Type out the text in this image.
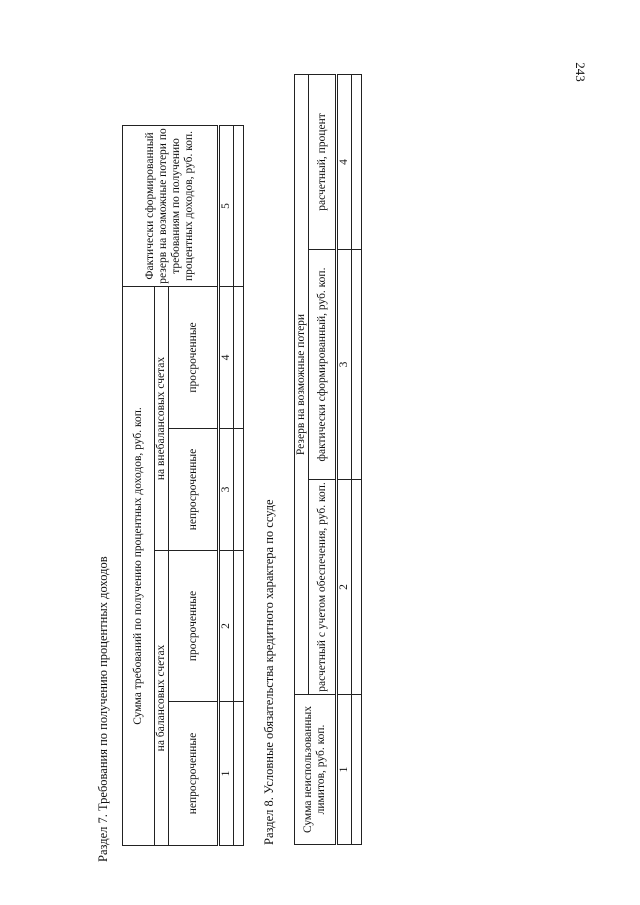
243
Раздел 7. Требования по получению процентных доходов Сумма требований по получению процентных доходов, руб. коп.				Фактически сформированный резерв на возможные потери по требованиям по получению процентных доходов, руб. коп.
на балансовых счетах		на внебалансовых счетах		
непросроченные	просроченные	непросроченные	просроченные	
1	2	3	4	5

Раздел 8. Условные обязательства кредитного характера по ссуде Сумма неиспользованных лимитов, руб. коп.	Резерв на возможные потери		
	расчетный с учетом обеспечения, руб. коп.	фактически сформированный, руб. коп.	расчетный, процент
1	2	3	4
